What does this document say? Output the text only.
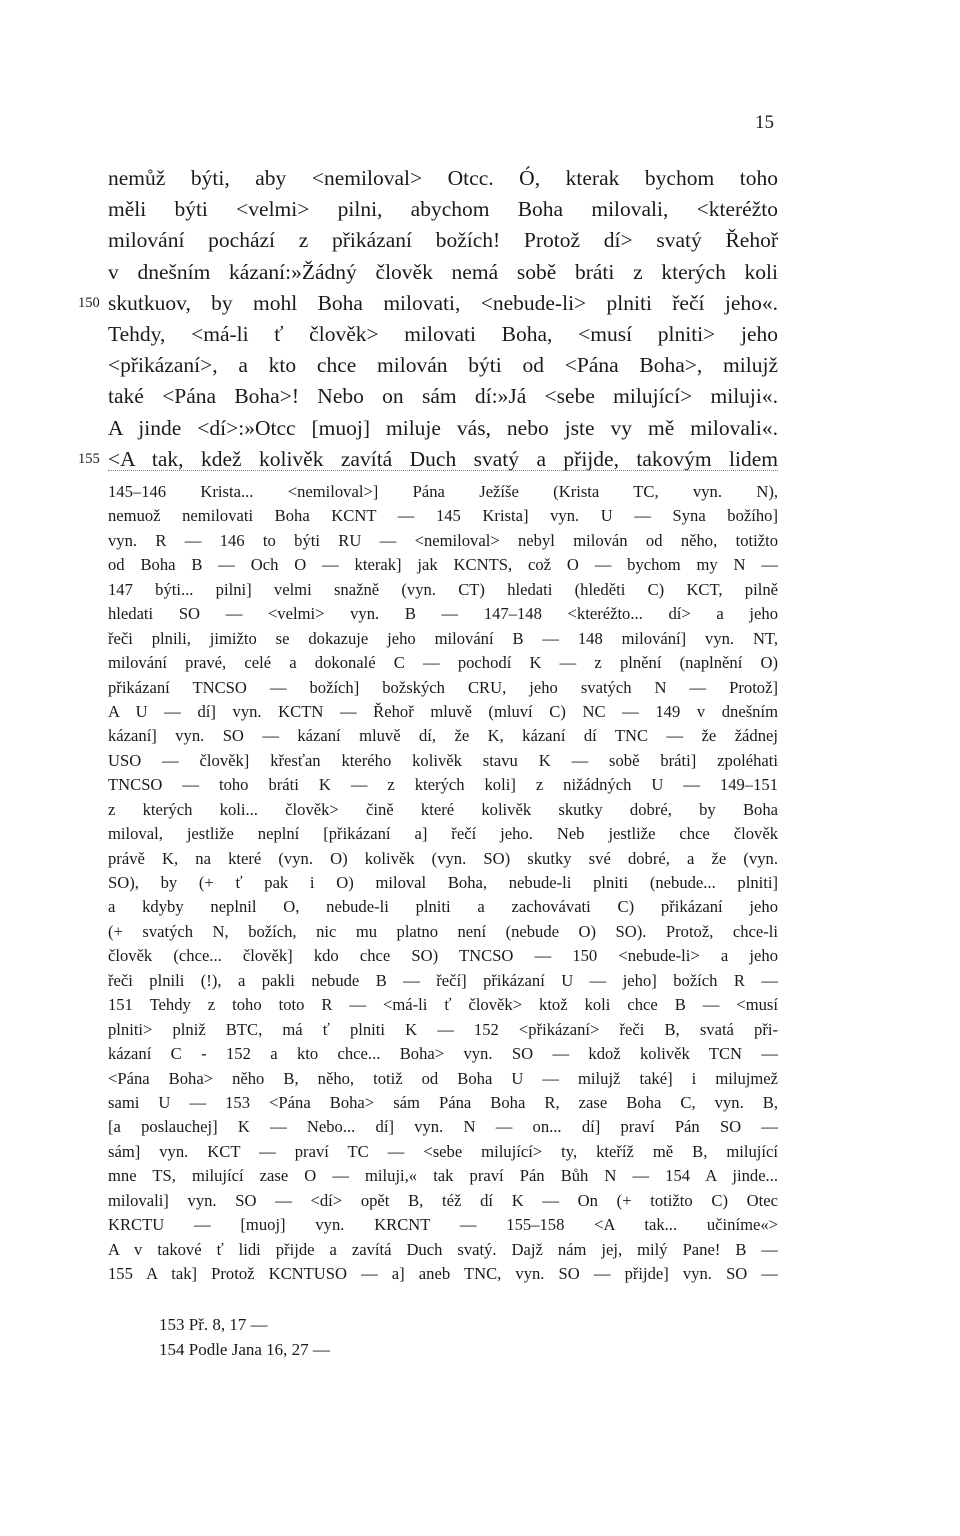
15
nemůž býti, aby <nemiloval> Otcc. Ó, kterak bychom toho
měli býti <velmi> pilni, abychom Boha milovali, <kteréžto
milování pochází z přikázaní božích! Protož dí> svatý Řehoř
v dnešním kázaní:»Žádný člověk nemá sobě bráti z kterých koli
150 skutkuov, by mohl Boha milovati, <nebude-li> plniti řečí jeho«.
Tehdy, <má-li ť člověk> milovati Boha, <musí plniti> jeho
<přikázaní>, a kto chce milován býti od <Pána Boha>, milujž
také <Pána Boha>! Nebo on sám dí:»Já <sebe milující> miluji«.
A jinde <dí>:»Otcc [muoj] miluje vás, nebo jste vy mě milovali«.
155 <A tak, kdež kolivěk zavítá Duch svatý a přijde, takovým lidem
145–146 Krista... <nemiloval>] Pána Ježíše (Krista TC, vyn. N),
nemuož nemilovati Boha KCNT — 145 Krista] vyn. U — Syna božího]
vyn. R — 146 to býti RU — <nemiloval> nebyl milován od něho, totižto
od Boha B — Och O — kterak] jak KCNTS, což O — bychom my N —
147 býti... pilni] velmi snažně (vyn. CT) hledati (hleděti C) KCT, pilně
hledati SO — <velmi> vyn. B — 147–148 <kteréžto... dí> a jeho
řeči plnili, jimižto se dokazuje jeho milování B — 148 milování] vyn. NT,
milování pravé, celé a dokonalé C — pochodí K — z plnění (naplnění O)
přikázaní TNCSO — božích] božských CRU, jeho svatých N — Protož]
A U — dí] vyn. KCTN — Řehoř mluvě (mluví C) NC — 149 v dnešním
kázaní] vyn. SO — kázaní mluvě dí, že K, kázaní dí TNC — že žádnej
USO — člověk] křesťan kterého kolivěk stavu K — sobě bráti] zpoléhati
TNCSO — toho bráti K — z kterých koli] z nižádných U — 149–151
z kterých koli... člověk> čině které kolivěk skutky dobré, by Boha
miloval, jestliže neplní [přikázaní a] řečí jeho. Neb jestliže chce člověk
právě K, na které (vyn. O) kolivěk (vyn. SO) skutky své dobré, a že (vyn.
SO), by (+ ť pak i O) miloval Boha, nebude-li plniti (nebude... plniti]
a kdyby neplnil O, nebude-li plniti a zachovávati C) přikázaní jeho
(+ svatých N, božích, nic mu platno není (nebude O) SO). Protož, chce-li
člověk (chce... člověk] kdo chce SO) TNCSO — 150 <nebude-li> a jeho
řeči plnili (!), a pakli nebude B — řečí] přikázaní U — jeho] božích R —
151 Tehdy z toho toto R — <má-li ť člověk> ktož koli chce B — <musí
plniti> plniž BTC, má ť plniti K — 152 <přikázaní> řeči B, svatá při-
kázaní C - 152 a kto chce... Boha> vyn. SO — kdož kolivěk TCN —
<Pána Boha> něho B, něho, totiž od Boha U — milujž také] i milujmež
sami U — 153 <Pána Boha> sám Pána Boha R, zase Boha C, vyn. B,
[a poslauchej] K — Nebo... dí] vyn. N — on... dí] praví Pán SO —
sám] vyn. KCT — praví TC — <sebe milující> ty, kteříž mě B, milující
mne TS, milující zase O — miluji,« tak praví Pán Bůh N — 154 A jinde...
milovali] vyn. SO — <dí> opět B, též dí K — On (+ totižto C) Otec
KRCTU — [muoj] vyn. KRCNT — 155–158 <A tak... učiníme«>
A v takové ť lidi přijde a zavítá Duch svatý. Dajž nám jej, milý Pane! B —
155 A tak] Protož KCNTUSO — a] aneb TNC, vyn. SO — přijde] vyn. SO —
153 Př. 8, 17 —
154 Podle Jana 16, 27 —
